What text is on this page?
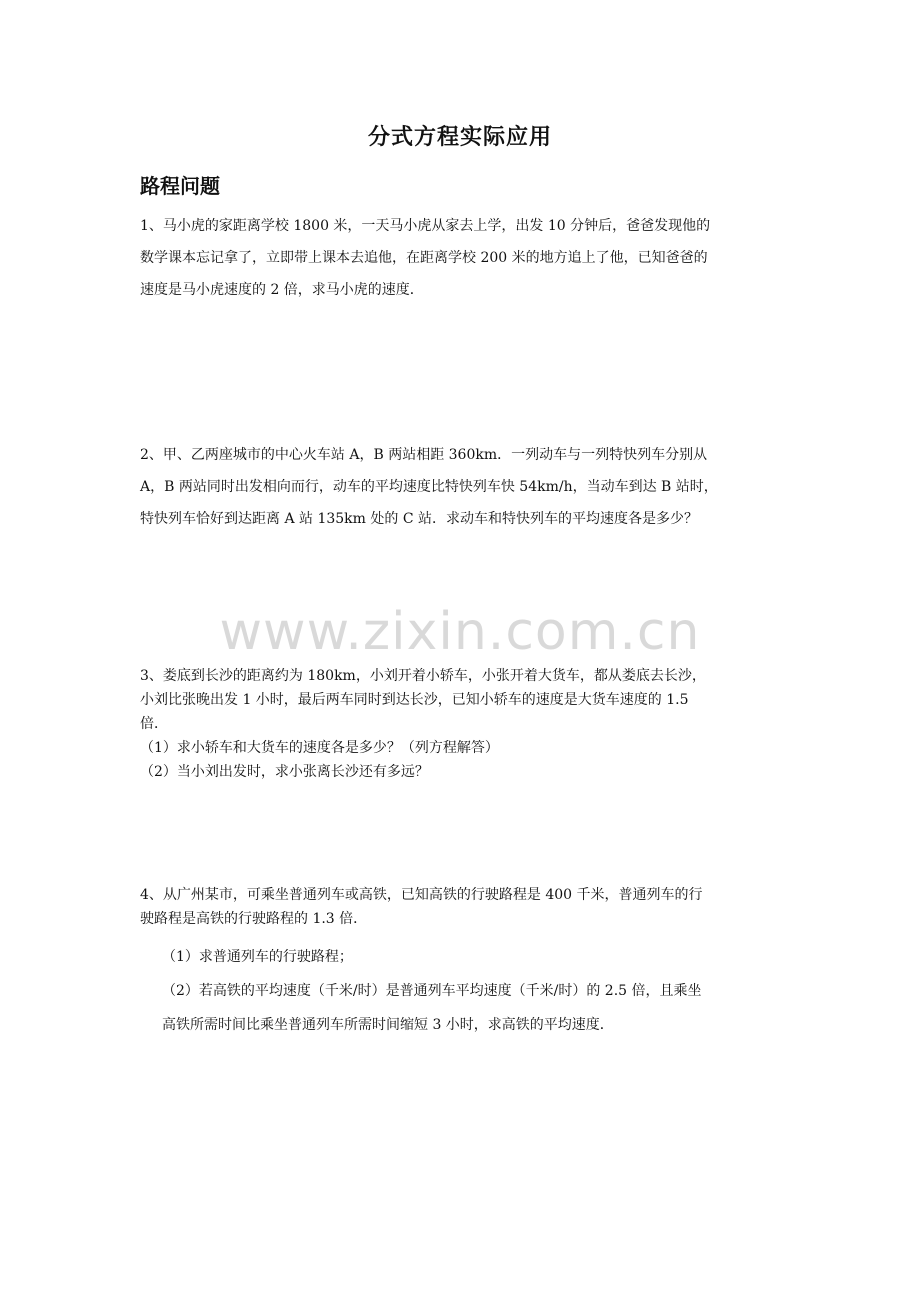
分式方程实际应用
路程问题
1、马小虎的家距离学校 1800 米，一天马小虎从家去上学，出发 10 分钟后，爸爸发现他的
数学课本忘记拿了，立即带上课本去追他，在距离学校 200 米的地方追上了他，已知爸爸的
速度是马小虎速度的 2 倍，求马小虎的速度．
2、甲、乙两座城市的中心火车站 A，B 两站相距 360km．一列动车与一列特快列车分别从
A，B 两站同时出发相向而行，动车的平均速度比特快列车快 54km/h，当动车到达 B 站时，
特快列车恰好到达距离 A 站 135km 处的 C 站．求动车和特快列车的平均速度各是多少？
www.zixin.com.cn
3、娄底到长沙的距离约为 180km，小刘开着小轿车，小张开着大货车，都从娄底去长沙，
小刘比张晚出发 1 小时，最后两车同时到达长沙，已知小轿车的速度是大货车速度的 1.5
倍．
（1）求小轿车和大货车的速度各是多少？（列方程解答）
（2）当小刘出发时，求小张离长沙还有多远？
4、从广州某市，可乘坐普通列车或高铁，已知高铁的行驶路程是 400 千米，普通列车的行
驶路程是高铁的行驶路程的 1.3 倍．
（1）求普通列车的行驶路程；
（2）若高铁的平均速度（千米/时）是普通列车平均速度（千米/时）的 2.5 倍，且乘坐
高铁所需时间比乘坐普通列车所需时间缩短 3 小时，求高铁的平均速度．
